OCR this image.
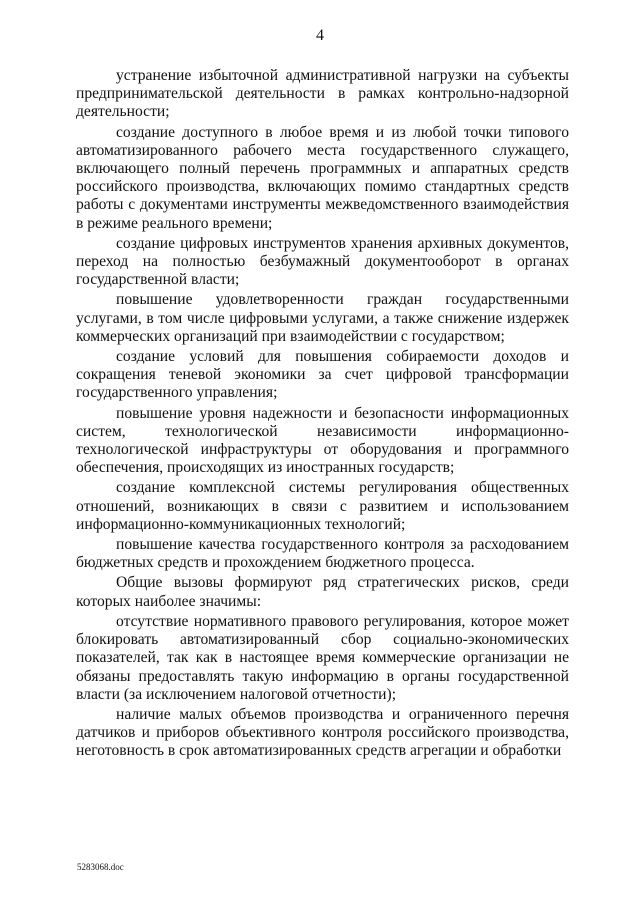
4

устранение избыточной административной нагрузки на субъекты предпринимательской деятельности в рамках контрольно-надзорной деятельности;

создание доступного в любое время и из любой точки типового автоматизированного рабочего места государственного служащего, включающего полный перечень программных и аппаратных средств российского производства, включающих помимо стандартных средств работы с документами инструменты межведомственного взаимодействия в режиме реального времени;

создание цифровых инструментов хранения архивных документов, переход на полностью безбумажный документооборот в органах государственной власти;

повышение удовлетворенности граждан государственными услугами, в том числе цифровыми услугами, а также снижение издержек коммерческих организаций при взаимодействии с государством;

создание условий для повышения собираемости доходов и сокращения теневой экономики за счет цифровой трансформации государственного управления;

повышение уровня надежности и безопасности информационных систем, технологической независимости информационно-технологической инфраструктуры от оборудования и программного обеспечения, происходящих из иностранных государств;

создание комплексной системы регулирования общественных отношений, возникающих в связи с развитием и использованием информационно-коммуникационных технологий;

повышение качества государственного контроля за расходованием бюджетных средств и прохождением бюджетного процесса.

Общие вызовы формируют ряд стратегических рисков, среди которых наиболее значимы:

отсутствие нормативного правового регулирования, которое может блокировать автоматизированный сбор социально-экономических показателей, так как в настоящее время коммерческие организации не обязаны предоставлять такую информацию в органы государственной власти (за исключением налоговой отчетности);

наличие малых объемов производства и ограниченного перечня датчиков и приборов объективного контроля российского производства, неготовность в срок автоматизированных средств агрегации и обработки

5283068.doc
